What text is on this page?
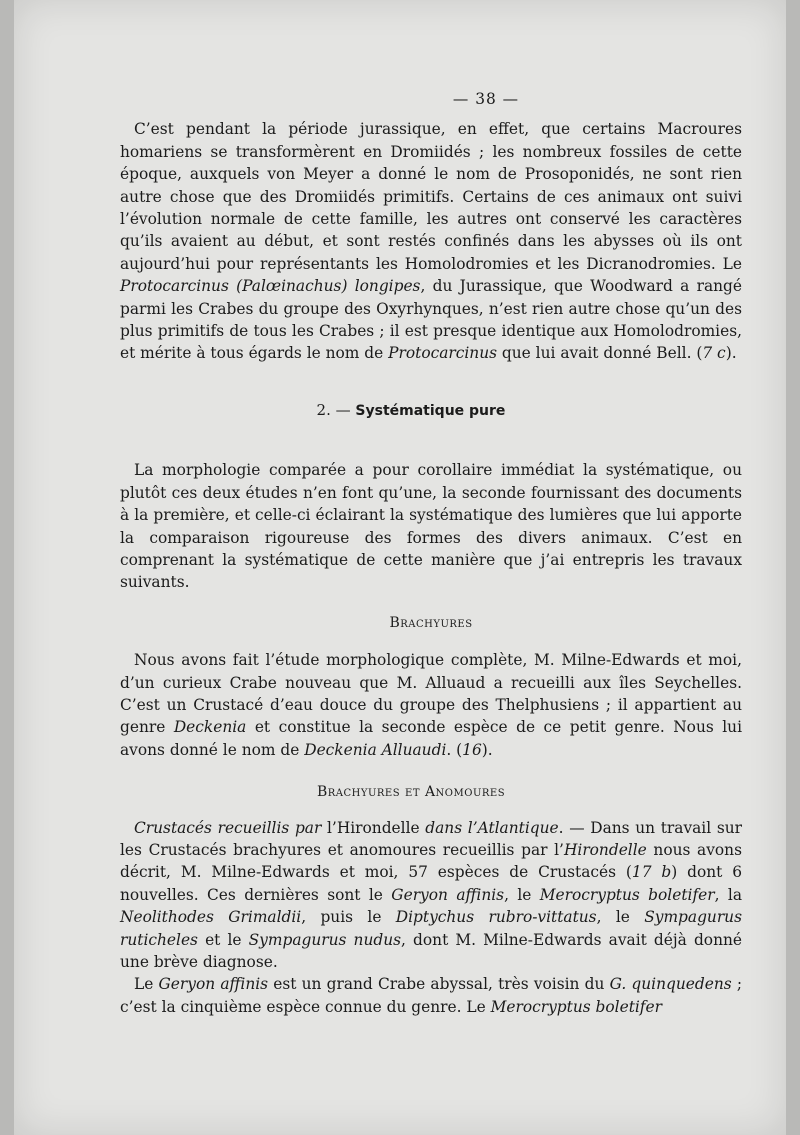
— 38 —

C’est pendant la période jurassique, en effet, que certains Macroures homariens se transformèrent en Dromiidés ; les nombreux fossiles de cette époque, auxquels von Meyer a donné le nom de Prosoponidés, ne sont rien autre chose que des Dromiidés primitifs. Certains de ces animaux ont suivi l’évolution normale de cette famille, les autres ont conservé les caractères qu’ils avaient au début, et sont restés confinés dans les abysses où ils ont aujourd’hui pour représentants les Homolodromies et les Dicranodromies. Le Protocarcinus (Palœinachus) longipes, du Jurassique, que Woodward a rangé parmi les Crabes du groupe des Oxyrhynques, n’est rien autre chose qu’un des plus primitifs de tous les Crabes ; il est presque identique aux Homolodromies, et mérite à tous égards le nom de Protocarcinus que lui avait donné Bell. (7 c).

2. — Systématique pure

La morphologie comparée a pour corollaire immédiat la systématique, ou plutôt ces deux études n’en font qu’une, la seconde fournissant des documents à la première, et celle-ci éclairant la systématique des lumières que lui apporte la comparaison rigoureuse des formes des divers animaux. C’est en comprenant la systématique de cette manière que j’ai entrepris les travaux suivants.

Brachyures

Nous avons fait l’étude morphologique complète, M. Milne-Edwards et moi, d’un curieux Crabe nouveau que M. Alluaud a recueilli aux îles Seychelles. C’est un Crustacé d’eau douce du groupe des Thelphusiens ; il appartient au genre Deckenia et constitue la seconde espèce de ce petit genre. Nous lui avons donné le nom de Deckenia Alluaudi. (16).

Brachyures et Anomoures

Crustacés recueillis par l’Hirondelle dans l’Atlantique. — Dans un travail sur les Crustacés brachyures et anomoures recueillis par l’Hirondelle nous avons décrit, M. Milne-Edwards et moi, 57 espèces de Crustacés (17 b) dont 6 nouvelles. Ces dernières sont le Geryon affinis, le Merocryptus boletifer, la Neolithodes Grimaldii, puis le Diptychus rubro-vittatus, le Sympagurus ruticheles et le Sympagurus nudus, dont M. Milne-Edwards avait déjà donné une brève diagnose.

Le Geryon affinis est un grand Crabe abyssal, très voisin du G. quinquedens ; c’est la cinquième espèce connue du genre. Le Merocryptus boletifer
